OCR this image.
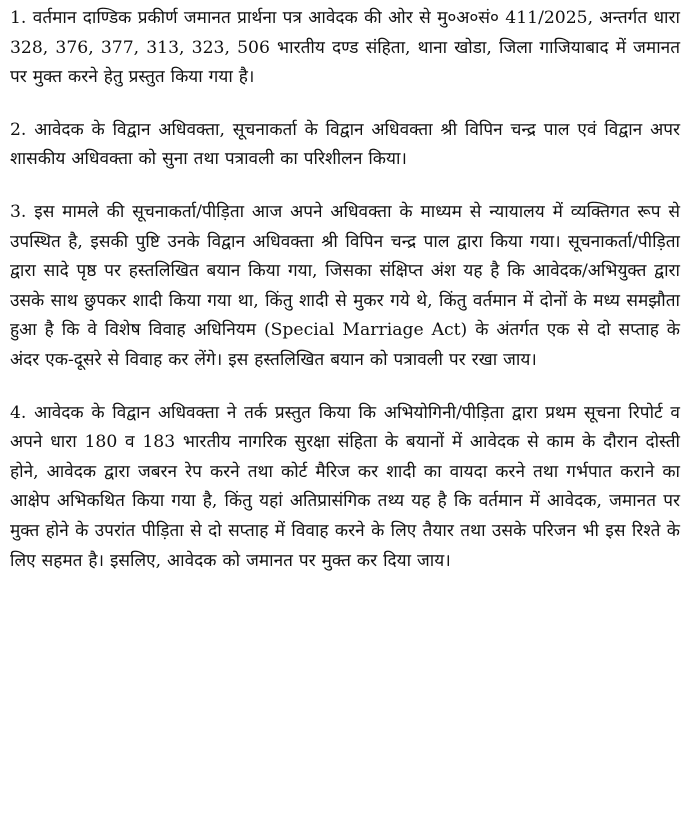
1. वर्तमान दाण्डिक प्रकीर्ण जमानत प्रार्थना पत्र आवेदक की ओर से मु०अ०सं० 411/2025, अन्तर्गत धारा 328, 376, 377, 313, 323, 506 भारतीय दण्ड संहिता, थाना खोडा, जिला गाजियाबाद में जमानत पर मुक्त करने हेतु प्रस्तुत किया गया है।

2. आवेदक के विद्वान अधिवक्ता, सूचनाकर्ता के विद्वान अधिवक्ता श्री विपिन चन्द्र पाल एवं विद्वान अपर शासकीय अधिवक्ता को सुना तथा पत्रावली का परिशीलन किया।

3. इस मामले की सूचनाकर्ता/पीड़िता आज अपने अधिवक्ता के माध्यम से न्यायालय में व्यक्तिगत रूप से उपस्थित है, इसकी पुष्टि उनके विद्वान अधिवक्ता श्री विपिन चन्द्र पाल द्वारा किया गया। सूचनाकर्ता/पीड़िता द्वारा सादे पृष्ठ पर हस्तलिखित बयान किया गया, जिसका संक्षिप्त अंश यह है कि आवेदक/अभियुक्त द्वारा उसके साथ छुपकर शादी किया गया था, किंतु शादी से मुकर गये थे, किंतु वर्तमान में दोनों के मध्य समझौता हुआ है कि वे विशेष विवाह अधिनियम (Special Marriage Act) के अंतर्गत एक से दो सप्ताह के अंदर एक-दूसरे से विवाह कर लेंगे। इस हस्तलिखित बयान को पत्रावली पर रखा जाय।

4. आवेदक के विद्वान अधिवक्ता ने तर्क प्रस्तुत किया कि अभियोगिनी/पीड़िता द्वारा प्रथम सूचना रिपोर्ट व अपने धारा 180 व 183 भारतीय नागरिक सुरक्षा संहिता के बयानों में आवेदक से काम के दौरान दोस्ती होने, आवेदक द्वारा जबरन रेप करने तथा कोर्ट मैरिज कर शादी का वायदा करने तथा गर्भपात कराने का आक्षेप अभिकथित किया गया है, किंतु यहां अतिप्रासंगिक तथ्य यह है कि वर्तमान में आवेदक, जमानत पर मुक्त होने के उपरांत पीड़िता से दो सप्ताह में विवाह करने के लिए तैयार तथा उसके परिजन भी इस रिश्ते के लिए सहमत है। इसलिए, आवेदक को जमानत पर मुक्त कर दिया जाय।
